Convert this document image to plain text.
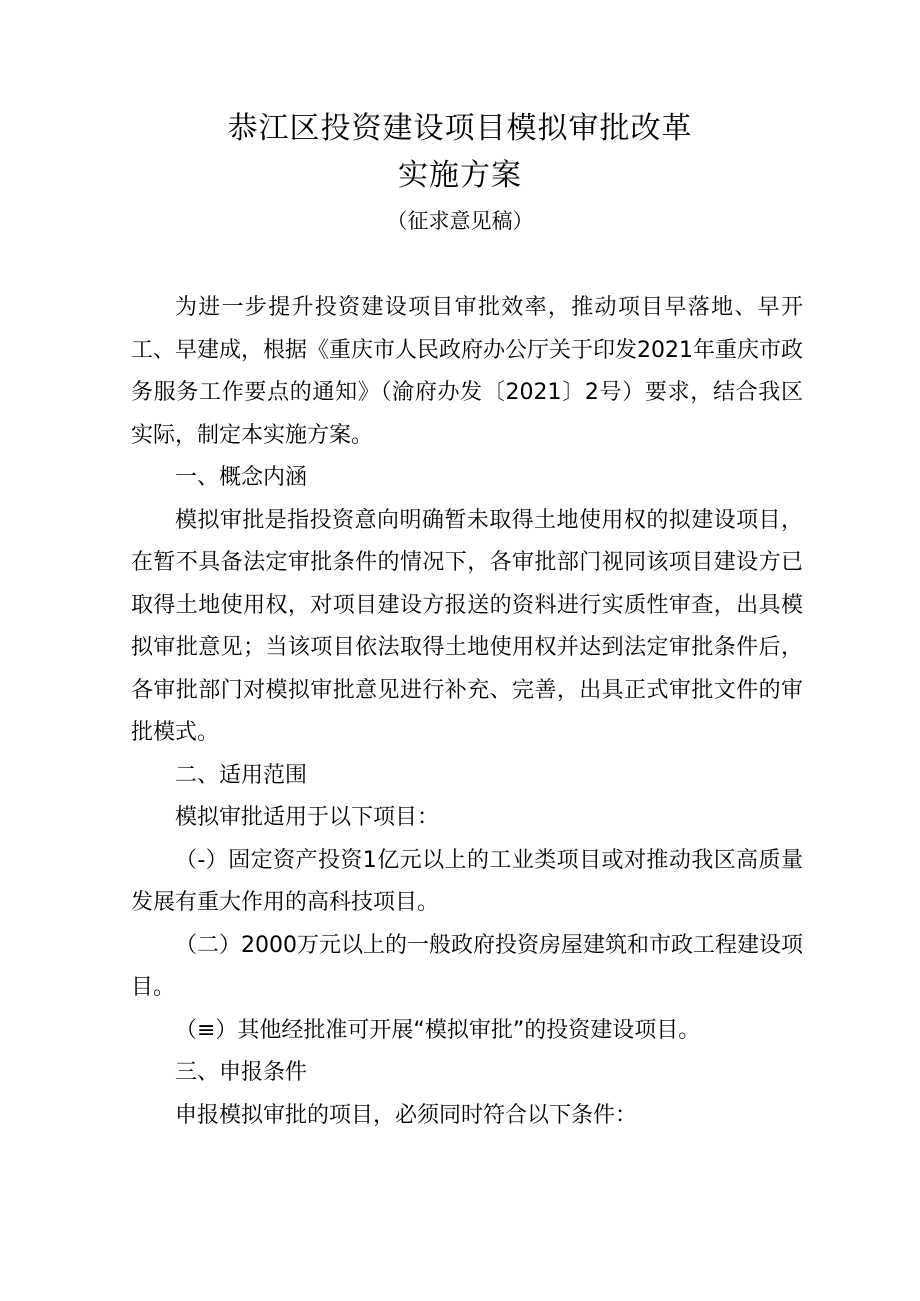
恭江区投资建设项目模拟审批改革
实施方案
（征求意见稿）

为进一步提升投资建设项目审批效率，推动项目早落地、早开工、早建成，根据《重庆市人民政府办公厅关于印发2021年重庆市政务服务工作要点的通知》（渝府办发〔2021〕2号）要求，结合我区实际，制定本实施方案。

一、概念内涵

模拟审批是指投资意向明确暂未取得土地使用权的拟建设项目，在暂不具备法定审批条件的情况下，各审批部门视同该项目建设方已取得土地使用权，对项目建设方报送的资料进行实质性审查，出具模拟审批意见；当该项目依法取得土地使用权并达到法定审批条件后，各审批部门对模拟审批意见进行补充、完善，出具正式审批文件的审批模式。

二、适用范围

模拟审批适用于以下项目：

（-）固定资产投资1亿元以上的工业类项目或对推动我区高质量发展有重大作用的高科技项目。

（二）2000万元以上的一般政府投资房屋建筑和市政工程建设项目。

（≡）其他经批准可开展“模拟审批”的投资建设项目。

三、申报条件

申报模拟审批的项目，必须同时符合以下条件：
